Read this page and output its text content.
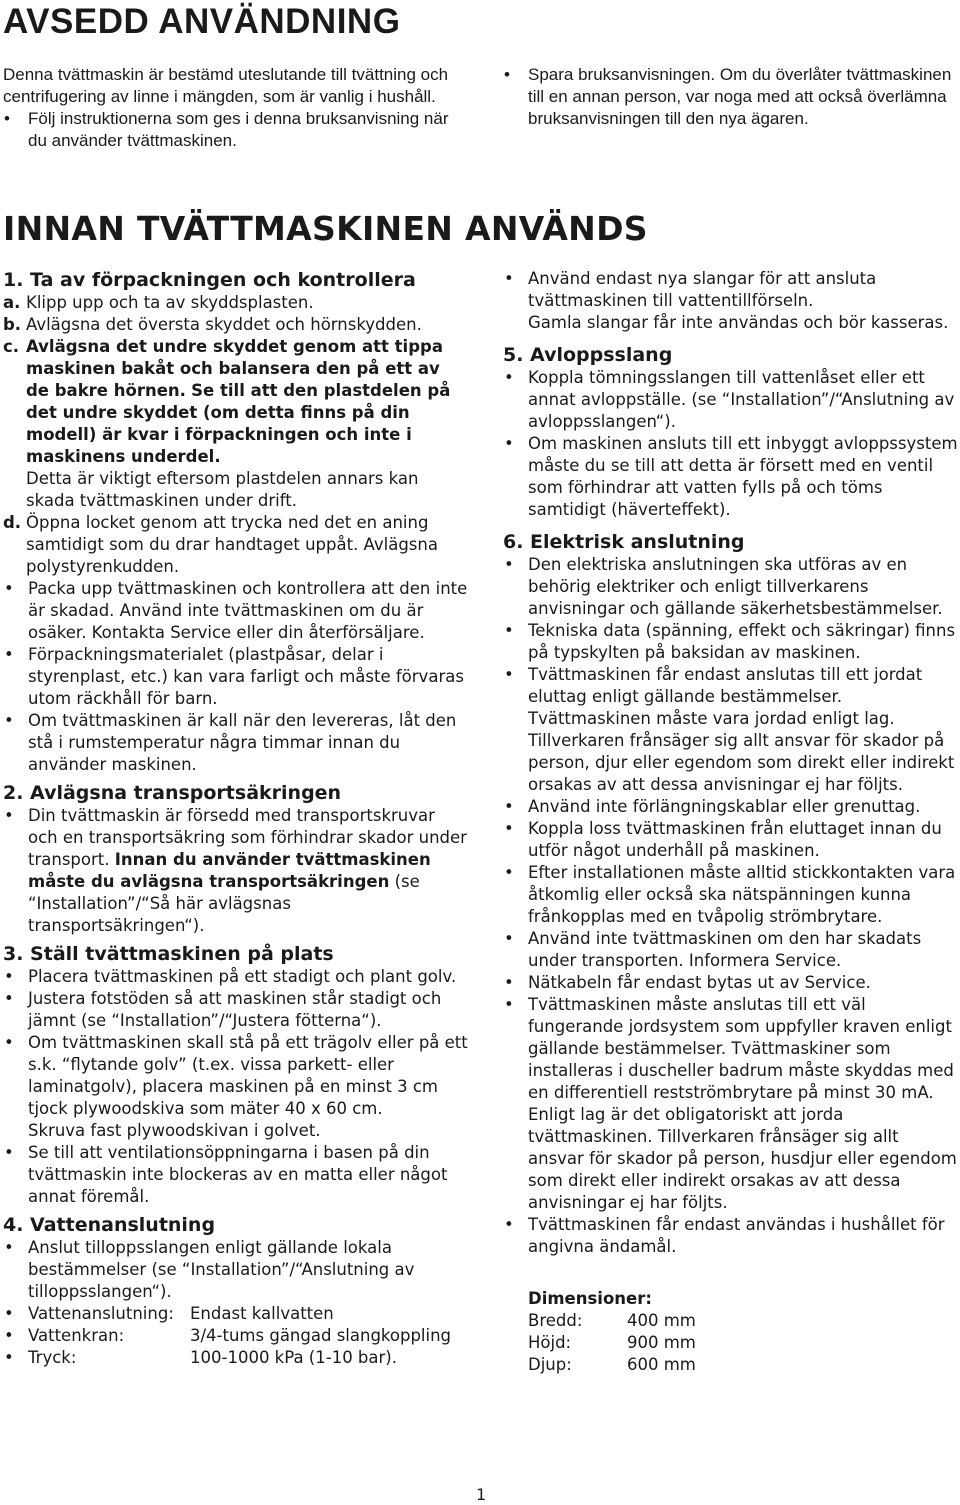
AVSEDD ANVÄNDNING

Denna tvättmaskin är bestämd uteslutande till tvättning och centrifugering av linne i mängden, som är vanlig i hushåll.

• Följ instruktionerna som ges i denna bruksanvisning när du använder tvättmaskinen.

• Spara bruksanvisningen. Om du överlåter tvättmaskinen till en annan person, var noga med att också överlämna bruksanvisningen till den nya ägaren.

INNAN TVÄTTMASKINEN ANVÄNDS

1. Ta av förpackningen och kontrollera

a. Klipp upp och ta av skyddsplasten.

b. Avlägsna det översta skyddet och hörnskydden.

c. Avlägsna det undre skyddet genom att tippa maskinen bakåt och balansera den på ett av de bakre hörnen. Se till att den plastdelen på det undre skyddet (om detta finns på din modell) är kvar i förpackningen och inte i maskinens underdel.

Detta är viktigt eftersom plastdelen annars kan skada tvättmaskinen under drift.

d. Öppna locket genom att trycka ned det en aning samtidigt som du drar handtaget uppåt. Avlägsna polystyrenkudden.

• Packa upp tvättmaskinen och kontrollera att den inte är skadad. Använd inte tvättmaskinen om du är osäker. Kontakta Service eller din återförsäljare.

• Förpackningsmaterialet (plastpåsar, delar i styrenplast, etc.) kan vara farligt och måste förvaras utom räckhåll för barn.

• Om tvättmaskinen är kall när den levereras, låt den stå i rumstemperatur några timmar innan du använder maskinen.

2. Avlägsna transportsäkringen

• Din tvättmaskin är försedd med transportskruvar och en transportsäkring som förhindrar skador under transport. Innan du använder tvättmaskinen måste du avlägsna transportsäkringen (se “Installation”/“Så här avlägsnas transportsäkringen“).

3. Ställ tvättmaskinen på plats

• Placera tvättmaskinen på ett stadigt och plant golv.

• Justera fotstöden så att maskinen står stadigt och jämnt (se “Installation”/“Justera fötterna“).

• Om tvättmaskinen skall stå på ett trägolv eller på ett s.k. “flytande golv” (t.ex. vissa parkett- eller laminatgolv), placera maskinen på en minst 3 cm tjock plywoodskiva som mäter 40 x 60 cm.

Skruva fast plywoodskivan i golvet.

• Se till att ventilationsöppningarna i basen på din tvättmaskin inte blockeras av en matta eller något annat föremål.

4. Vattenanslutning

• Anslut tilloppsslangen enligt gällande lokala bestämmelser (se “Installation”/“Anslutning av tilloppsslangen“).

• Vattenanslutning: Endast kallvatten

• Vattenkran:	3/4-tums gängad slangkoppling

• Tryck:	100-1000 kPa (1-10 bar).

• Använd endast nya slangar för att ansluta tvättmaskinen till vattentillförseln.

Gamla slangar får inte användas och bör kasseras.

5. Avloppsslang

• Koppla tömningsslangen till vattenlåset eller ett annat avloppställe. (se “Installation”/“Anslutning av avloppsslangen“).

• Om maskinen ansluts till ett inbyggt avloppssystem måste du se till att detta är försett med en ventil som förhindrar att vatten fylls på och töms samtidigt (häverteffekt).

6. Elektrisk anslutning

• Den elektriska anslutningen ska utföras av en behörig elektriker och enligt tillverkarens anvisningar och gällande säkerhetsbestämmelser.

• Tekniska data (spänning, effekt och säkringar) finns på typskylten på baksidan av maskinen.

• Tvättmaskinen får endast anslutas till ett jordat eluttag enligt gällande bestämmelser.

Tvättmaskinen måste vara jordad enligt lag. Tillverkaren frånsäger sig allt ansvar för skador på person, djur eller egendom som direkt eller indirekt orsakas av att dessa anvisningar ej har följts.

• Använd inte förlängningskablar eller grenuttag.

• Koppla loss tvättmaskinen från eluttaget innan du utför något underhåll på maskinen.

• Efter installationen måste alltid stickkontakten vara åtkomlig eller också ska nätspänningen kunna frånkopplas med en tvåpolig strömbrytare.

• Använd inte tvättmaskinen om den har skadats under transporten. Informera Service.

• Nätkabeln får endast bytas ut av Service.

• Tvättmaskinen måste anslutas till ett väl fungerande jordsystem som uppfyller kraven enligt gällande bestämmelser. Tvättmaskiner som installeras i duscheller badrum måste skyddas med en differentiell restströmbrytare på minst 30 mA. Enligt lag är det obligatoriskt att jorda tvättmaskinen. Tillverkaren frånsäger sig allt ansvar för skador på person, husdjur eller egendom som direkt eller indirekt orsakas av att dessa anvisningar ej har följts.

• Tvättmaskinen får endast användas i hushållet för angivna ändamål.

Dimensioner:

Bredd:	400 mm

Höjd:	900 mm

Djup:	600 mm

1
